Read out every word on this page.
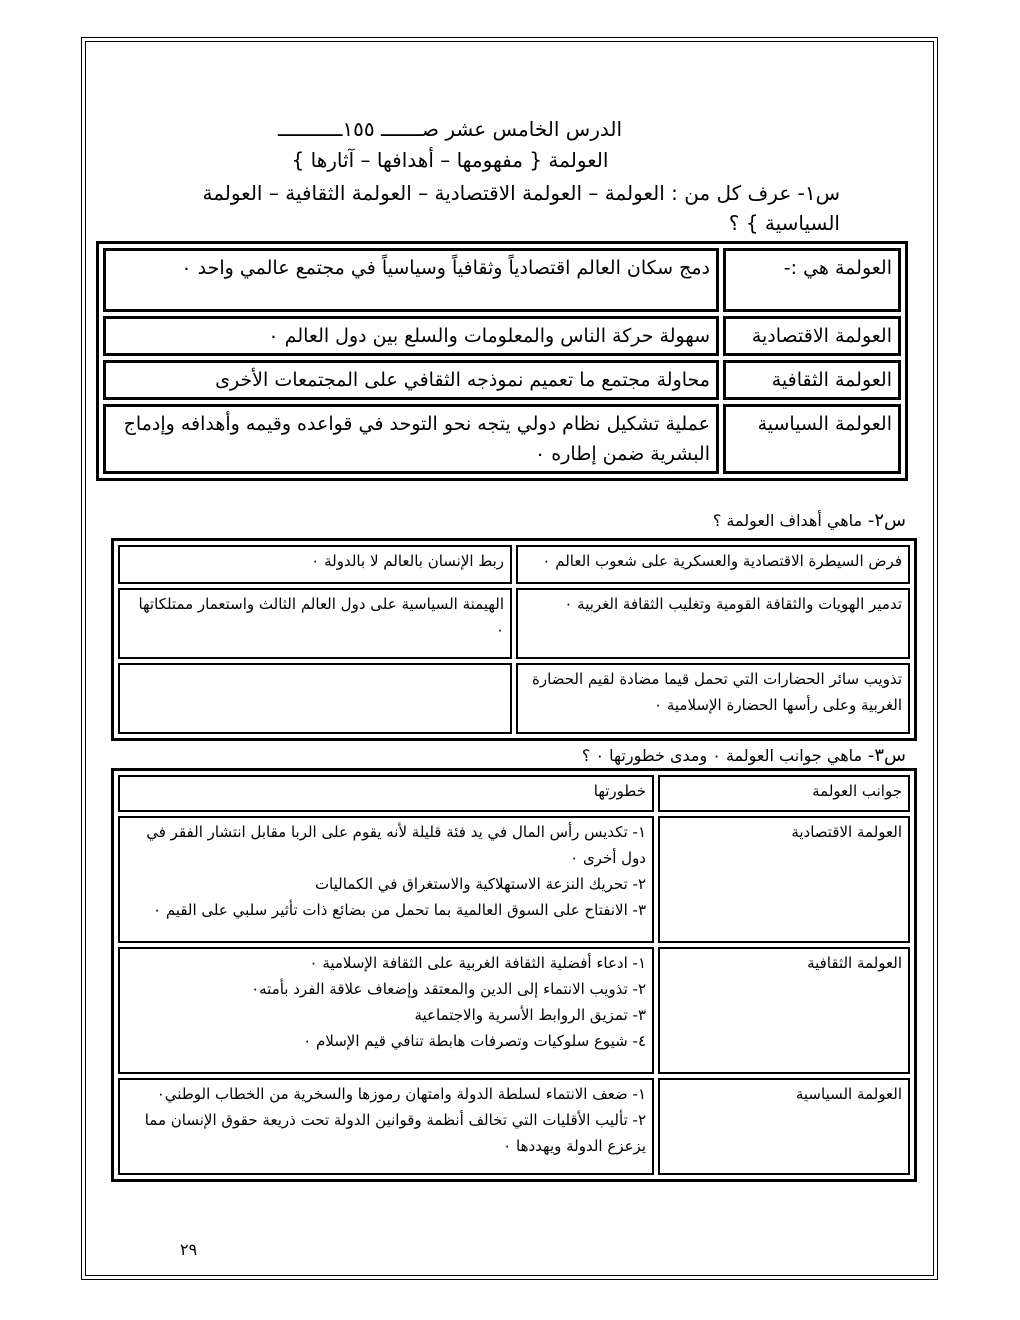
الدرس الخامس عشر صـــــــ ١٥٥ـــــــــــ
العولمة { مفهومها – أهدافها – آثارها }
س١- عرف كل من : العولمة – العولمة الاقتصادية – العولمة الثقافية – العولمة السياسية } ؟
العولمة هي :-	دمج سكان العالم اقتصادياً وثقافياً وسياسياً في مجتمع عالمي واحد ٠
العولمة الاقتصادية	سهولة حركة الناس والمعلومات والسلع بين دول العالم ٠
العولمة الثقافية	محاولة مجتمع ما تعميم نموذجه الثقافي على المجتمعات الأخرى
العولمة السياسية	عملية تشكيل نظام دولي يتجه نحو التوحد في قواعده وقيمه وأهدافه وإدماج البشرية ضمن إطاره ٠
س٢- ماهي أهداف العولمة ؟
فرض السيطرة الاقتصادية والعسكرية على شعوب العالم ٠	ربط الإنسان بالعالم لا بالدولة ٠
تدمير الهويات والثقافة القومية وتغليب الثقافة الغربية ٠	الهيمنة السياسية على دول العالم الثالث واستعمار ممتلكاتها ٠
تذويب سائر الحضارات التي تحمل قيما مضادة لقيم الحضارة الغربية وعلى رأسها الحضارة الإسلامية ٠	
س٣- ماهي جوانب العولمة ٠ ومدى خطورتها ٠ ؟
جوانب العولمة	خطورتها
العولمة الاقتصادية	١- تكديس رأس المال في يد فئة قليلة لأنه يقوم على الربا مقابل انتشار الفقر في دول أخرى ٠
٢- تحريك النزعة الاستهلاكية والاستغراق في الكماليات
٣- الانفتاح على السوق العالمية بما تحمل من بضائع ذات تأثير سلبي على القيم ٠

العولمة الثقافية	١- ادعاء أفضلية الثقافة الغربية على الثقافة الإسلامية ٠
٢- تذويب الانتماء إلى الدين والمعتقد وإضعاف علاقة الفرد بأمته٠
٣- تمزيق الروابط الأسرية والاجتماعية
٤- شيوع سلوكيات وتصرفات هابطة تنافي قيم الإسلام ٠

العولمة السياسية	١- ضعف الانتماء لسلطة الدولة وامتهان رموزها والسخرية من الخطاب الوطني٠
٢- تأليب الأقليات التي تخالف أنظمة وقوانين الدولة تحت ذريعة حقوق الإنسان مما يزعزع الدولة ويهددها ٠
٢٩
